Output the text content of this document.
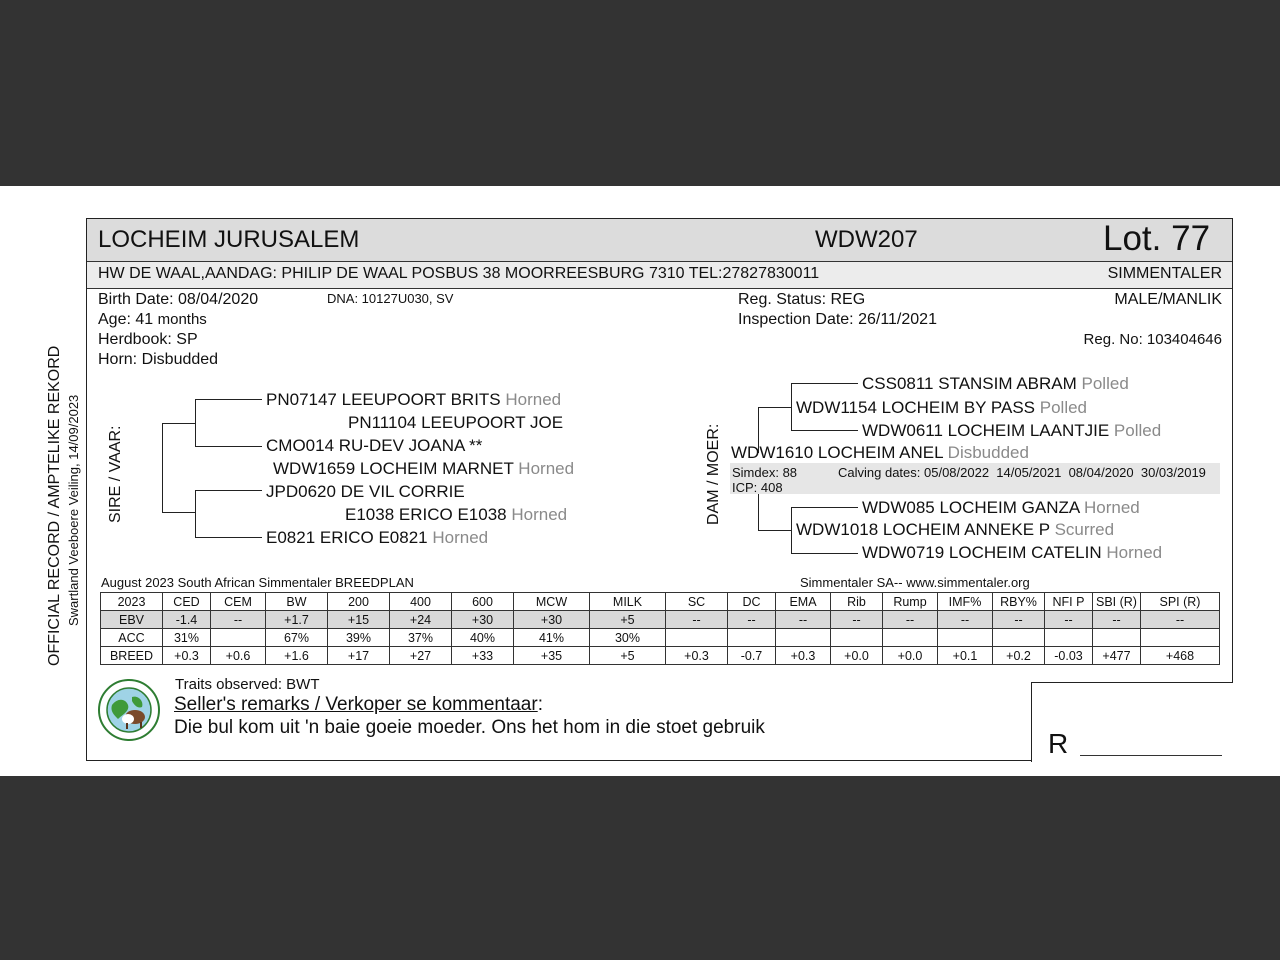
OFFICIAL RECORD / AMPTELIKE REKORD Swartland Veeboere Veiling, 14/09/2023
LOCHEIM JURUSALEM	WDW207	Lot. 77
HW DE WAAL,AANDAG: PHILIP DE WAAL POSBUS 38 MOORREESBURG 7310 TEL:27827830011	SIMMENTALER
Birth Date: 08/04/2020	DNA: 10127U030, SV
Age: 41 months
Herdbook: SP
Horn: Disbudded
Reg. Status: REG
Inspection Date: 26/11/2021
MALE/MANLIK
Reg. No: 103404646
SIRE / VAAR:
PN07147 LEEUPOORT BRITS Horned
PN11104 LEEUPOORT JOE
CMO014 RU-DEV JOANA **
WDW1659 LOCHEIM MARNET Horned
JPD0620 DE VIL CORRIE
E1038 ERICO E1038 Horned
E0821 ERICO E0821 Horned
DAM / MOER:
CSS0811 STANSIM ABRAM Polled
WDW1154 LOCHEIM BY PASS Polled
WDW0611 LOCHEIM LAANTJIE Polled
WDW1610 LOCHEIM ANEL Disbudded
Simdex: 88	Calving dates: 05/08/2022  14/05/2021  08/04/2020  30/03/2019
ICP: 408
WDW085 LOCHEIM GANZA Horned
WDW1018 LOCHEIM ANNEKE P Scurred
WDW0719 LOCHEIM CATELIN Horned
August 2023 South African Simmentaler BREEDPLAN	Simmentaler SA-- www.simmentaler.org
2023	CED	CEM	BW	200	400	600	MCW	MILK	SC	DC	EMA	Rib	Rump	IMF%	RBY%	NFI P	SBI (R)	SPI (R)
EBV	-1.4	--	+1.7	+15	+24	+30	+30	+5	--	--	--	--	--	--	--	--	--	--
ACC	31%		67%	39%	37%	40%	41%	30%										
BREED	+0.3	+0.6	+1.6	+17	+27	+33	+35	+5	+0.3	-0.7	+0.3	+0.0	+0.0	+0.1	+0.2	-0.03	+477	+468
Traits observed: BWT
Seller's remarks / Verkoper se kommentaar:
Die bul kom uit 'n baie goeie moeder. Ons het hom in die stoet gebruik
R
